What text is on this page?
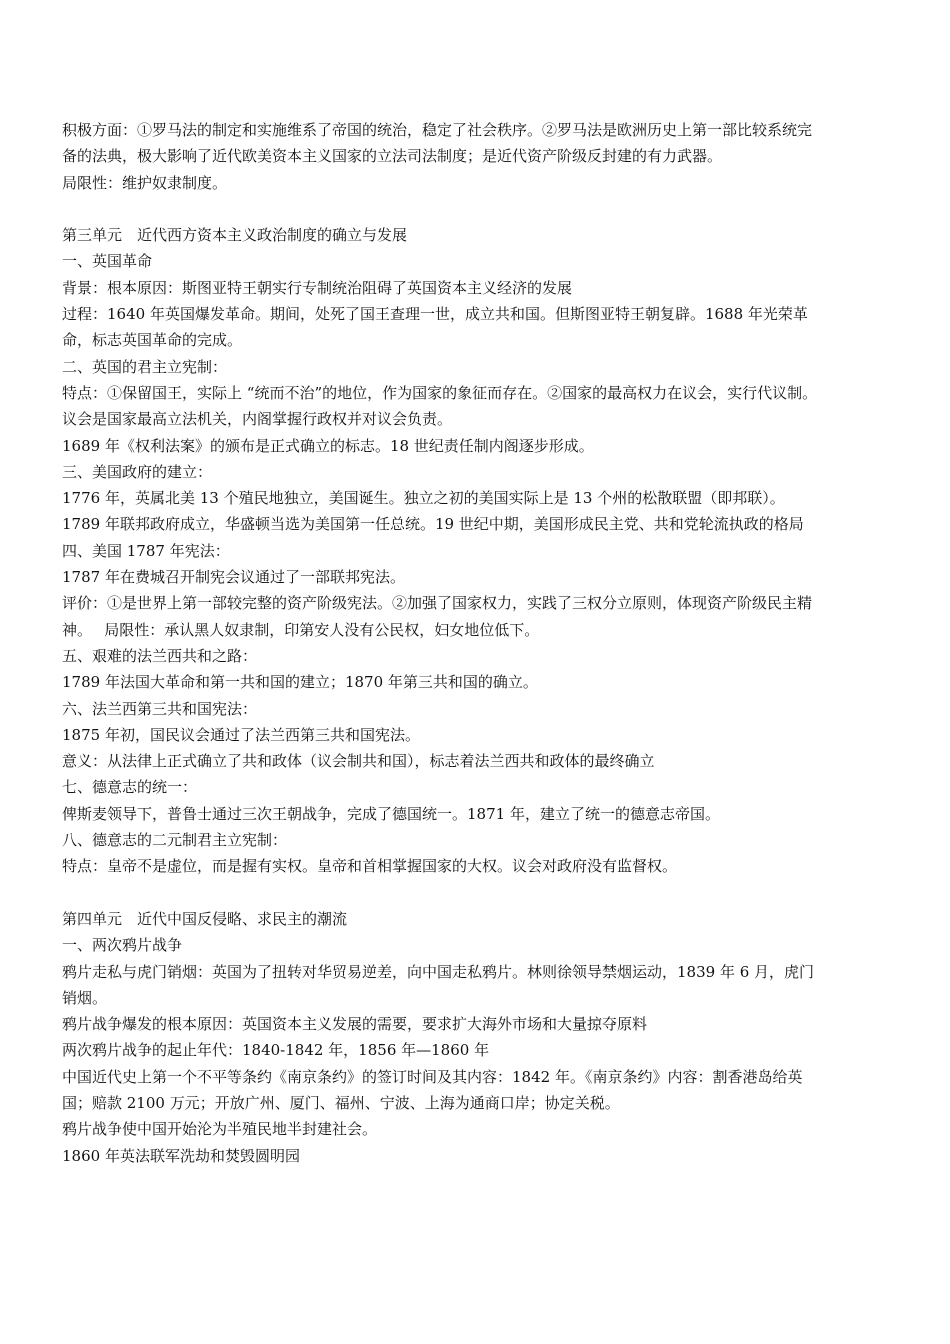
积极方面：①罗马法的制定和实施维系了帝国的统治，稳定了社会秩序。②罗马法是欧洲历史上第一部比较系统完备的法典，极大影响了近代欧美资本主义国家的立法司法制度；是近代资产阶级反封建的有力武器。
局限性：维护奴隶制度。
第三单元　近代西方资本主义政治制度的确立与发展
一、英国革命
背景：根本原因：斯图亚特王朝实行专制统治阻碍了英国资本主义经济的发展
过程：1640 年英国爆发革命。期间，处死了国王查理一世，成立共和国。但斯图亚特王朝复辟。1688 年光荣革命，标志英国革命的完成。
二、英国的君主立宪制：
特点：①保留国王，实际上 “统而不治”的地位，作为国家的象征而存在。②国家的最高权力在议会，实行代议制。议会是国家最高立法机关，内阁掌握行政权并对议会负责。
1689 年《权利法案》的颁布是正式确立的标志。18 世纪责任制内阁逐步形成。
三、美国政府的建立：
1776 年，英属北美 13 个殖民地独立，美国诞生。独立之初的美国实际上是 13 个州的松散联盟（即邦联）。1789 年联邦政府成立，华盛顿当选为美国第一任总统。19 世纪中期，美国形成民主党、共和党轮流执政的格局
四、美国 1787 年宪法：
1787 年在费城召开制宪会议通过了一部联邦宪法。
评价：①是世界上第一部较完整的资产阶级宪法。②加强了国家权力，实践了三权分立原则，体现资产阶级民主精神。　 局限性：承认黑人奴隶制，印第安人没有公民权，妇女地位低下。
五、艰难的法兰西共和之路：
1789 年法国大革命和第一共和国的建立；1870 年第三共和国的确立。
六、法兰西第三共和国宪法：
1875 年初，国民议会通过了法兰西第三共和国宪法。
意义：从法律上正式确立了共和政体（议会制共和国），标志着法兰西共和政体的最终确立
七、德意志的统一：
俾斯麦领导下，普鲁士通过三次王朝战争，完成了德国统一。1871 年，建立了统一的德意志帝国。
八、德意志的二元制君主立宪制：
特点：皇帝不是虚位，而是握有实权。皇帝和首相掌握国家的大权。议会对政府没有监督权。
第四单元　近代中国反侵略、求民主的潮流
一、两次鸦片战争
鸦片走私与虎门销烟：英国为了扭转对华贸易逆差，向中国走私鸦片。林则徐领导禁烟运动，1839 年 6 月，虎门销烟。
鸦片战争爆发的根本原因：英国资本主义发展的需要，要求扩大海外市场和大量掠夺原料
两次鸦片战争的起止年代：1840-1842 年，1856 年—1860 年
中国近代史上第一个不平等条约《南京条约》的签订时间及其内容：1842 年。《南京条约》内容：割香港岛给英国；赔款 2100 万元；开放广州、厦门、福州、宁波、上海为通商口岸；协定关税。
鸦片战争使中国开始沦为半殖民地半封建社会。
1860 年英法联军洗劫和焚毁圆明园
